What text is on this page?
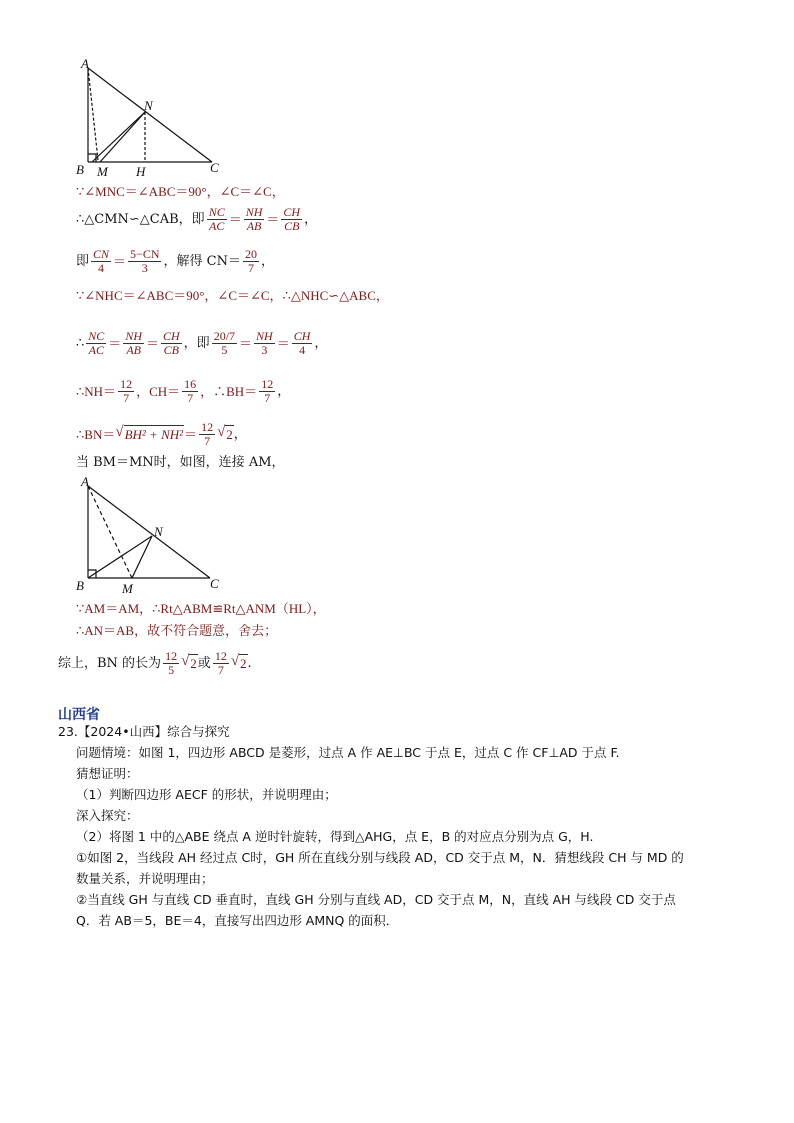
A
N
B M H	C
∵∠MNC＝∠ABC＝90°，∠C＝∠C，
∴△CMN∽△CAB，即 $\frac{NC}{AC} = \frac{NH}{AB} = \frac{CH}{CB}$ ，
即 $\frac{CN}{4} = \frac{5-CN}{3}$ ，解得 $CN= \frac{20}{7}$ ，
∵∠NHC＝∠ABC＝90°，∠C＝∠C，∴△NHC∽△ABC，
∴ $\frac{NC}{AC} = \frac{NH}{AB} = \frac{CH}{CB}$ ，即 $\frac{20/7}{5} = \frac{NH}{3} = \frac{CH}{4}$ ，
∴NH＝ $\frac{12}{7}$ ，$CH= \frac{16}{7}$ ，∴BH＝ $\frac{12}{7}$ ，
∴BN＝ √ $BH^2 + NH^2 = \frac{12}{7}$ √ 2 ，
当 BM＝MN时，如图，连接 AM，
A
N
B	M	C
∵AM＝AM，∴Rt△ABM≌Rt△ANM（HL），
∴AN＝AB，故不符合题意，舍去；
综上，BN 的长为 $\frac{12}{5}$ √ 2 或 $\frac{12}{7}$ √ 2 .
山西省
23.【2024•山西】综合与探究
问题情境：如图 1，四边形 ABCD 是菱形，过点 A 作 AE⊥BC 于点 E，过点 C 作 CF⊥AD 于点 F.
猜想证明：
（1）判断四边形 AECF 的形状，并说明理由；
深入探究：
（2）将图 1 中的△ABE 绕点 A 逆时针旋转，得到△AHG，点 E，B 的对应点分别为点 G，H.
①如图 2，当线段 AH 经过点 C时，GH 所在直线分别与线段 AD，CD 交于点 M，N．猜想线段 CH 与 MD 的
数量关系，并说明理由；
②当直线 GH 与直线 CD 垂直时，直线 GH 分别与直线 AD，CD 交于点 M，N，直线 AH 与线段 CD 交于点
Q．若 AB＝5，BE＝4，直接写出四边形 AMNQ 的面积．
